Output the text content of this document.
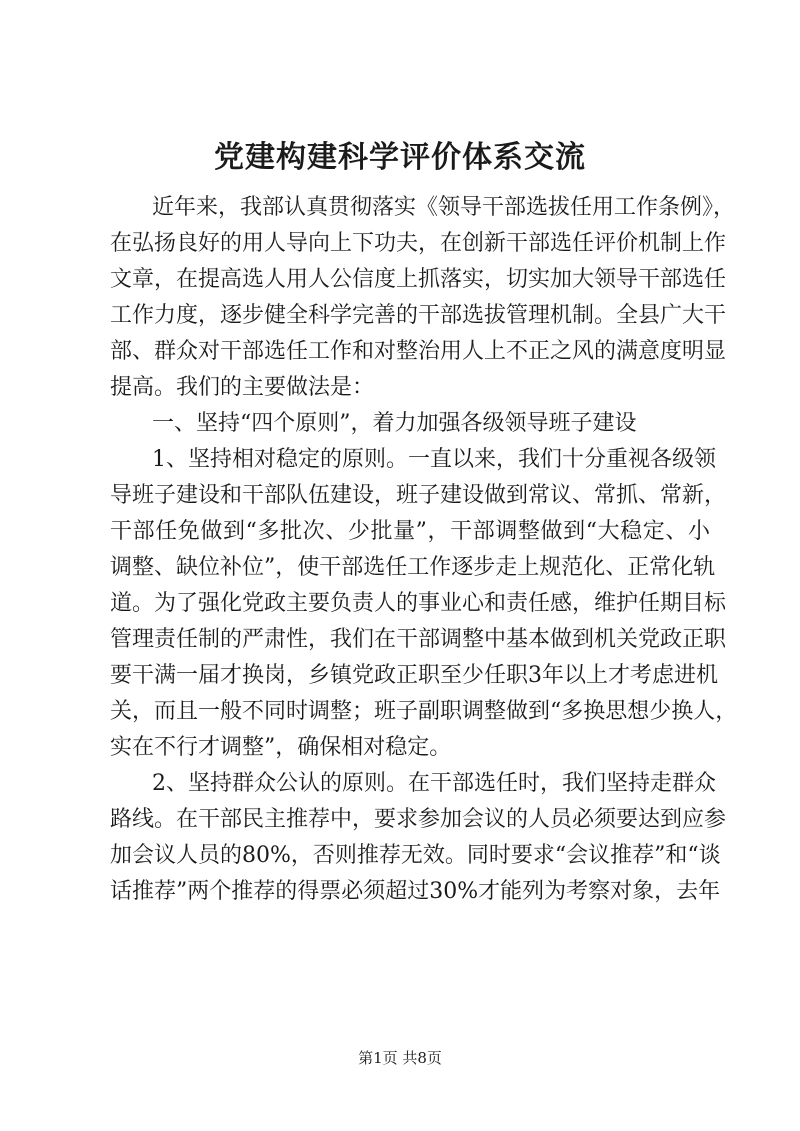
党建构建科学评价体系交流

近年来，我部认真贯彻落实《领导干部选拔任用工作条例》，

在弘扬良好的用人导向上下功夫，在创新干部选任评价机制上作

文章，在提高选人用人公信度上抓落实，切实加大领导干部选任

工作力度，逐步健全科学完善的干部选拔管理机制。全县广大干

部、群众对干部选任工作和对整治用人上不正之风的满意度明显

提高。我们的主要做法是：

一、坚持“四个原则”，着力加强各级领导班子建设

1、坚持相对稳定的原则。一直以来，我们十分重视各级领

导班子建设和干部队伍建设，班子建设做到常议、常抓、常新，

干部任免做到“多批次、少批量”，干部调整做到“大稳定、小

调整、缺位补位”，使干部选任工作逐步走上规范化、正常化轨

道。为了强化党政主要负责人的事业心和责任感，维护任期目标

管理责任制的严肃性，我们在干部调整中基本做到机关党政正职

要干满一届才换岗，乡镇党政正职至少任职3年以上才考虑进机

关，而且一般不同时调整；班子副职调整做到“多换思想少换人，

实在不行才调整”，确保相对稳定。

2、坚持群众公认的原则。在干部选任时，我们坚持走群众

路线。在干部民主推荐中，要求参加会议的人员必须要达到应参

加会议人员的80%，否则推荐无效。同时要求“会议推荐”和“谈

话推荐”两个推荐的得票必须超过30%才能列为考察对象，去年

第1页 共8页
